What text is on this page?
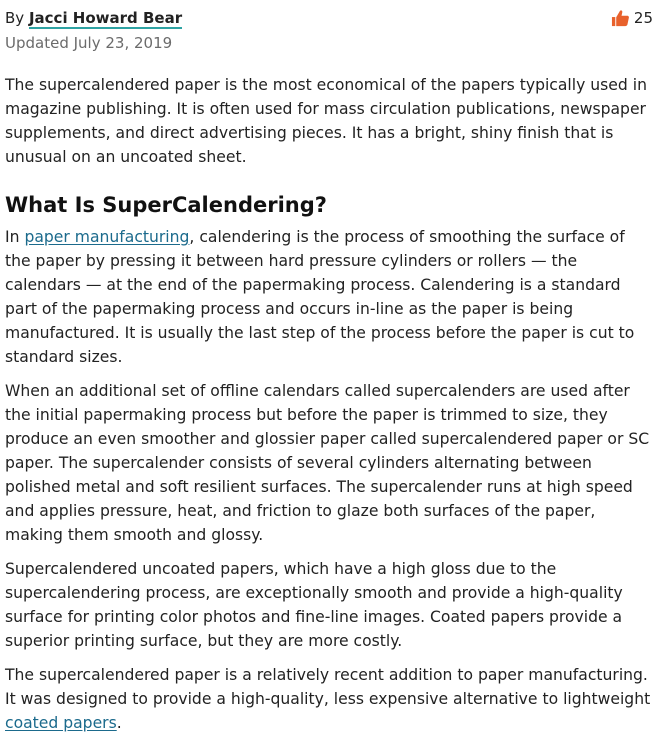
By Jacci Howard Bear	25
Updated July 23, 2019

The supercalendered paper is the most economical of the papers typically used in magazine publishing. It is often used for mass circulation publications, newspaper supplements, and direct advertising pieces. It has a bright, shiny finish that is unusual on an uncoated sheet.

What Is SuperCalendering?

In paper manufacturing, calendering is the process of smoothing the surface of the paper by pressing it between hard pressure cylinders or rollers — the calendars — at the end of the papermaking process. Calendering is a standard part of the papermaking process and occurs in-line as the paper is being manufactured. It is usually the last step of the process before the paper is cut to standard sizes.

When an additional set of offline calendars called supercalenders are used after the initial papermaking process but before the paper is trimmed to size, they produce an even smoother and glossier paper called supercalendered paper or SC paper. The supercalender consists of several cylinders alternating between polished metal and soft resilient surfaces. The supercalender runs at high speed and applies pressure, heat, and friction to glaze both surfaces of the paper, making them smooth and glossy.

Supercalendered uncoated papers, which have a high gloss due to the supercalendering process, are exceptionally smooth and provide a high-quality surface for printing color photos and fine-line images. Coated papers provide a superior printing surface, but they are more costly.

The supercalendered paper is a relatively recent addition to paper manufacturing. It was designed to provide a high-quality, less expensive alternative to lightweight coated papers.
